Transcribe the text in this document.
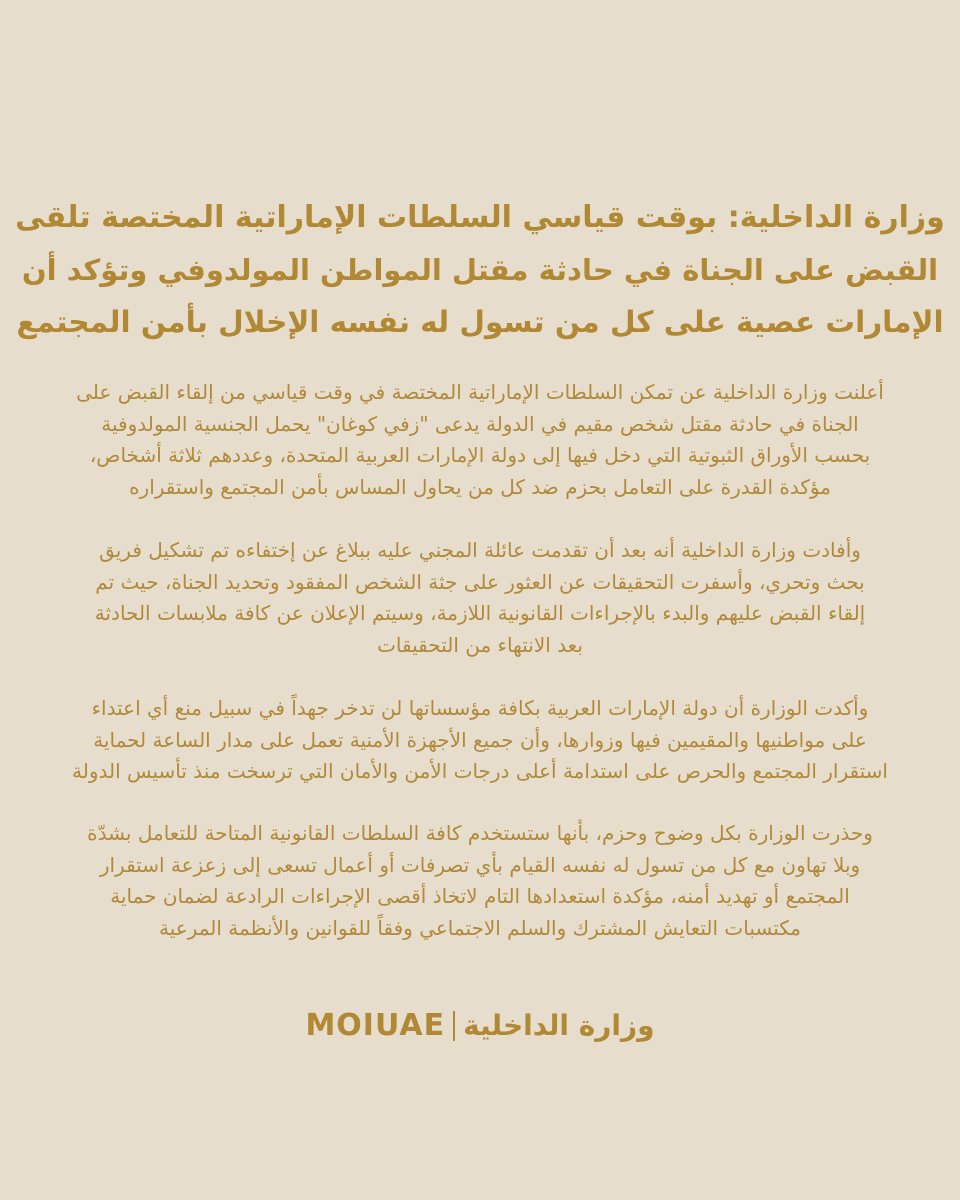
وزارة الداخلية: بوقت قياسي السلطات الإماراتية المختصة تلقى
القبض على الجناة في حادثة مقتل المواطن المولدوفي وتؤكد أن
الإمارات عصية على كل من تسول له نفسه الإخلال بأمن المجتمع
أعلنت وزارة الداخلية عن تمكن السلطات الإماراتية المختصة في وقت قياسي من إلقاء القبض على
الجناة في حادثة مقتل شخص مقيم في الدولة يدعى "زفي كوغان" يحمل الجنسية المولدوفية
بحسب الأوراق الثبوتية التي دخل فيها إلى دولة الإمارات العربية المتحدة، وعددهم ثلاثة أشخاص،
مؤكدة القدرة على التعامل بحزم ضد كل من يحاول المساس بأمن المجتمع واستقراره
وأفادت وزارة الداخلية أنه بعد أن تقدمت عائلة المجني عليه ببلاغ عن إختفاءه تم تشكيل فريق
بحث وتحري، وأسفرت التحقيقات عن العثور على جثة الشخص المفقود وتحديد الجناة، حيث تم
إلقاء القبض عليهم والبدء بالإجراءات القانونية اللازمة، وسيتم الإعلان عن كافة ملابسات الحادثة
بعد الانتهاء من التحقيقات
وأكدت الوزارة أن دولة الإمارات العربية بكافة مؤسساتها لن تدخر جهداً في سبيل منع أي اعتداء
على مواطنيها والمقيمين فيها وزوارها، وأن جميع الأجهزة الأمنية تعمل على مدار الساعة لحماية
استقرار المجتمع والحرص على استدامة أعلى درجات الأمن والأمان التي ترسخت منذ تأسيس الدولة
وحذرت الوزارة بكل وضوح وحزم، بأنها ستستخدم كافة السلطات القانونية المتاحة للتعامل بشدّة
وبلا تهاون مع كل من تسول له نفسه القيام بأي تصرفات أو أعمال تسعى إلى زعزعة استقرار
المجتمع أو تهديد أمنه، مؤكدة استعدادها التام لاتخاذ أقصى الإجراءات الرادعة لضمان حماية
مكتسبات التعايش المشترك والسلم الاجتماعي وفقاً للقوانين والأنظمة المرعية
MOIUAE وزارة الداخلية
